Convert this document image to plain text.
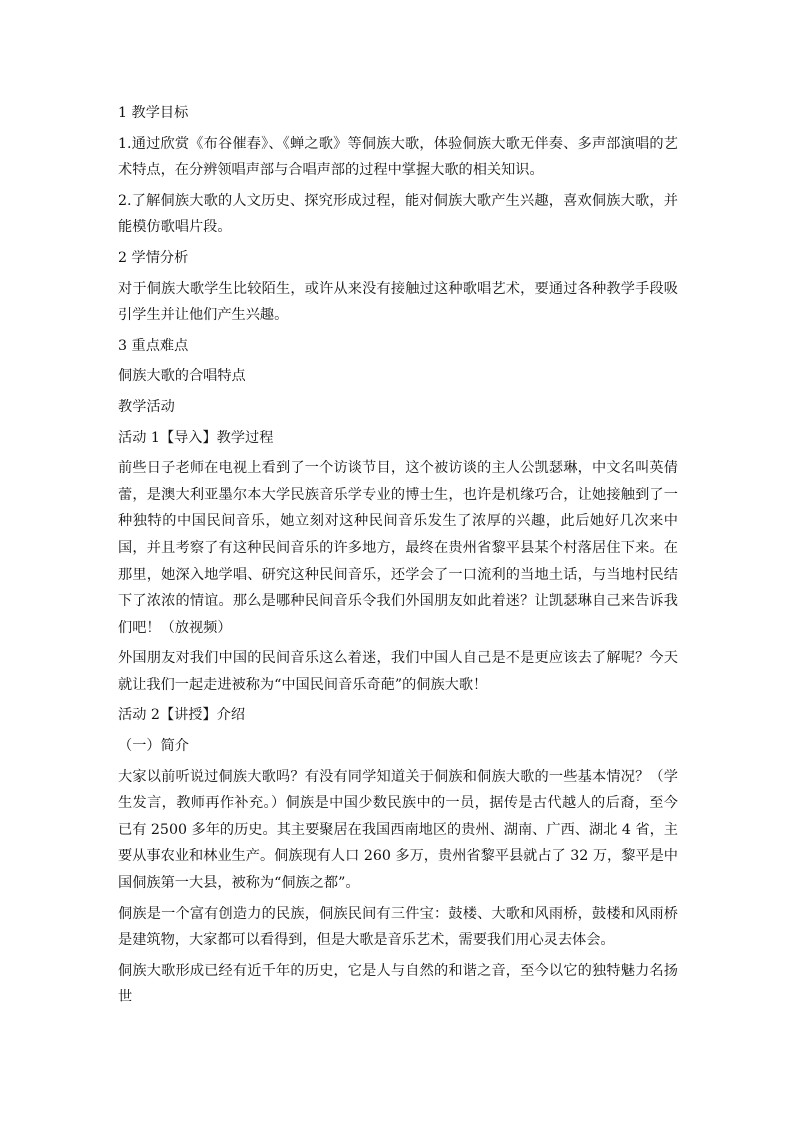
1 教学目标

1.通过欣赏《布谷催春》、《蝉之歌》等侗族大歌，体验侗族大歌无伴奏、多声部演唱的艺术特点，在分辨领唱声部与合唱声部的过程中掌握大歌的相关知识。

2.了解侗族大歌的人文历史、探究形成过程，能对侗族大歌产生兴趣，喜欢侗族大歌，并能模仿歌唱片段。

2 学情分析

对于侗族大歌学生比较陌生，或许从来没有接触过这种歌唱艺术，要通过各种教学手段吸引学生并让他们产生兴趣。

3 重点难点

侗族大歌的合唱特点

教学活动

活动 1【导入】教学过程

前些日子老师在电视上看到了一个访谈节目，这个被访谈的主人公凯瑟琳，中文名叫英倩蕾，是澳大利亚墨尔本大学民族音乐学专业的博士生，也许是机缘巧合，让她接触到了一种独特的中国民间音乐，她立刻对这种民间音乐发生了浓厚的兴趣，此后她好几次来中国，并且考察了有这种民间音乐的许多地方，最终在贵州省黎平县某个村落居住下来。在那里，她深入地学唱、研究这种民间音乐，还学会了一口流利的当地土话，与当地村民结下了浓浓的情谊。那么是哪种民间音乐令我们外国朋友如此着迷？让凯瑟琳自己来告诉我们吧！（放视频）

外国朋友对我们中国的民间音乐这么着迷，我们中国人自己是不是更应该去了解呢？今天就让我们一起走进被称为“中国民间音乐奇葩”的侗族大歌！

活动 2【讲授】介绍

（一）简介

大家以前听说过侗族大歌吗？有没有同学知道关于侗族和侗族大歌的一些基本情况？（学生发言，教师再作补充。）侗族是中国少数民族中的一员，据传是古代越人的后裔，至今已有 2500 多年的历史。其主要聚居在我国西南地区的贵州、湖南、广西、湖北 4 省，主要从事农业和林业生产。侗族现有人口 260 多万，贵州省黎平县就占了 32 万，黎平是中国侗族第一大县，被称为“侗族之都”。

侗族是一个富有创造力的民族，侗族民间有三件宝：鼓楼、大歌和风雨桥，鼓楼和风雨桥是建筑物，大家都可以看得到，但是大歌是音乐艺术，需要我们用心灵去体会。

侗族大歌形成已经有近千年的历史，它是人与自然的和谐之音，至今以它的独特魅力名扬世
